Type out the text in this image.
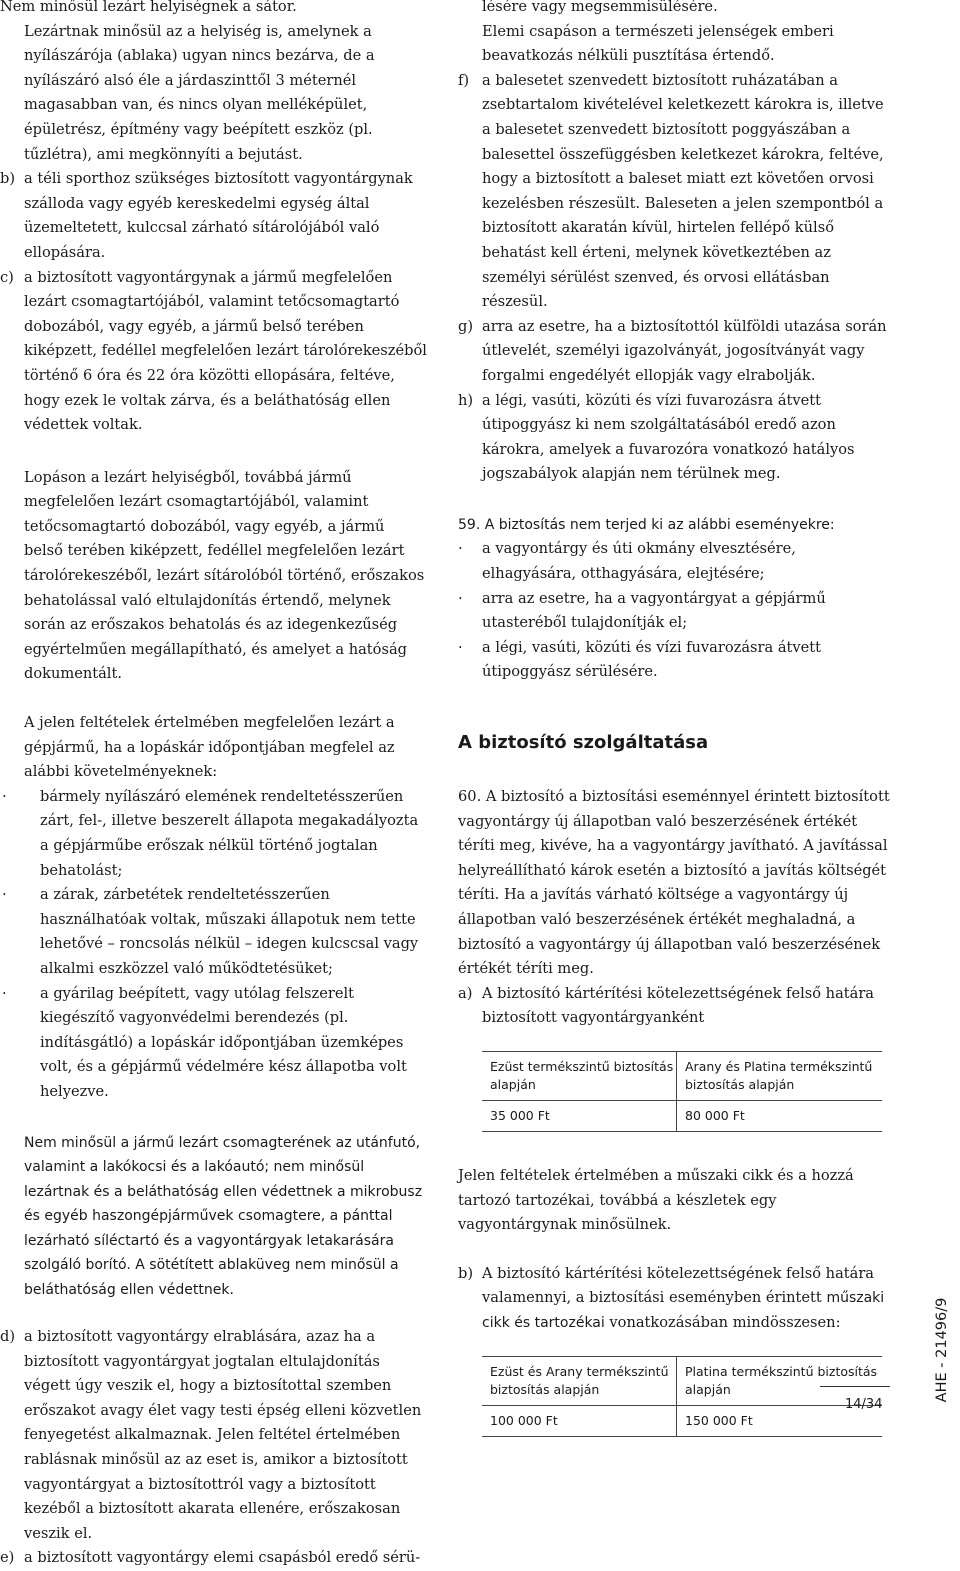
Nem minősül lezárt helyiségnek a sátor.

Lezártnak minősül az a helyiség is, amelynek a nyílászárója (ablaka) ugyan nincs bezárva, de a nyílászáró alsó éle a járdaszinttől 3 méternél magasabban van, és nincs olyan melléképület, épületrész, építmény vagy beépített eszköz (pl. tűzlétra), ami megkönnyíti a bejutást.

b) a téli sporthoz szükséges biztosított vagyontárgynak szálloda vagy egyéb kereskedelmi egység által üzemeltetett, kulccsal zárható sítárolójából való ellopására.
c) a biztosított vagyontárgynak a jármű megfelelően lezárt csomagtartójából, valamint tetőcsomagtartó dobozából, vagy egyéb, a jármű belső terében kiképzett, fedéllel megfelelően lezárt tárolórekeszéből történő 6 óra és 22 óra közötti ellopására, feltéve, hogy ezek le voltak zárva, és a beláthatóság ellen védettek voltak.

Lopáson a lezárt helyiségből, továbbá jármű megfelelően lezárt csomagtartójából, valamint tetőcsomagtartó dobozából, vagy egyéb, a jármű belső terében kiképzett, fedéllel megfelelően lezárt tárolórekeszéből, lezárt sítárolóból történő, erőszakos behatolással való eltulajdonítás értendő, melynek során az erőszakos behatolás és az idegenkezűség egyértelműen megállapítható, és amelyet a hatóság dokumentált.

A jelen feltételek értelmében megfelelően lezárt a gépjármű, ha a lopáskár időpontjában megfelel az alábbi követelményeknek:

· bármely nyílászáró elemének rendeltetésszerűen zárt, fel-, illetve beszerelt állapota megakadályozta a gépjárműbe erőszak nélkül történő jogtalan behatolást;
· a zárak, zárbetétek rendeltetésszerűen használhatóak voltak, műszaki állapotuk nem tette lehetővé – roncsolás nélkül – idegen kulcscsal vagy alkalmi eszközzel való működtetésüket;
· a gyárilag beépített, vagy utólag felszerelt kiegészítő vagyonvédelmi berendezés (pl. indításgátló) a lopáskár időpontjában üzemképes volt, és a gépjármű védelmére kész állapotba volt helyezve.

Nem minősül a jármű lezárt csomagterének az utánfutó, valamint a lakókocsi és a lakóautó; nem minősül lezártnak és a beláthatóság ellen védettnek a mikrobusz és egyéb haszongépjárművek csomagtere, a pánttal lezárható síléctartó és a vagyontárgyak letakarására szolgáló borító. A sötétített ablaküveg nem minősül a beláthatóság ellen védettnek.

d) a biztosított vagyontárgy elrablására, azaz ha a biztosított vagyontárgyat jogtalan eltulajdonítás végett úgy veszik el, hogy a biztosítottal szemben erőszakot avagy élet vagy testi épség elleni közvetlen fenyegetést alkalmaznak. Jelen feltétel értelmében rablásnak minősül az az eset is, amikor a biztosított vagyontárgyat a biztosítottról vagy a biztosított kezéből a biztosított akarata ellenére, erőszakosan veszik el.
e) a biztosított vagyontárgy elemi csapásból eredő sérü-

lésére vagy megsemmisülésére.

Elemi csapáson a természeti jelenségek emberi beavatkozás nélküli pusztítása értendő.

f) a balesetet szenvedett biztosított ruházatában a zsebtartalom kivételével keletkezett károkra is, illetve a balesetet szenvedett biztosított poggyászában a balesettel összefüggésben keletkezet károkra, feltéve, hogy a biztosított a baleset miatt ezt követően orvosi kezelésben részesült. Baleseten a jelen szempontból a biztosított akaratán kívül, hirtelen fellépő külső behatást kell érteni, melynek következtében az személyi sérülést szenved, és orvosi ellátásban részesül.
g) arra az esetre, ha a biztosítottól külföldi utazása során útlevelét, személyi igazolványát, jogosítványát vagy forgalmi engedélyét ellopják vagy elrabolják.
h) a légi, vasúti, közúti és vízi fuvarozásra átvett útipoggyász ki nem szolgáltatásából eredő azon károkra, amelyek a fuvarozóra vonatkozó hatályos jogszabályok alapján nem térülnek meg.

59. A biztosítás nem terjed ki az alábbi eseményekre:

· a vagyontárgy és úti okmány elvesztésére, elhagyására, otthagyására, elejtésére;
· arra az esetre, ha a vagyontárgyat a gépjármű utasteréből tulajdonítják el;
· a légi, vasúti, közúti és vízi fuvarozásra átvett útipoggyász sérülésére.
A biztosító szolgáltatása

60. A biztosító a biztosítási eseménnyel érintett biztosított vagyontárgy új állapotban való beszerzésének értékét téríti meg, kivéve, ha a vagyontárgy javítható. A javítással helyreállítható károk esetén a biztosító a javítás költségét téríti. Ha a javítás várható költsége a vagyontárgy új állapotban való beszerzésének értékét meghaladná, a biztosító a vagyontárgy új állapotban való beszerzésének értékét téríti meg.

a) A biztosító kártérítési kötelezettségének felső határa biztosított vagyontárgyanként
Ezüst termékszintű biztosítás alapján	Arany és Platina termékszintű biztosítás alapján
35 000 Ft	80 000 Ft

Jelen feltételek értelmében a műszaki cikk és a hozzá tartozó tartozékai, továbbá a készletek egy vagyontárgynak minősülnek.

b) A biztosító kártérítési kötelezettségének felső határa valamennyi, a biztosítási eseményben érintett műszaki cikk és tartozékai vonatkozásában mindösszesen:
Ezüst és Arany termékszintű biztosítás alapján	Platina termékszintű biztosítás alapján
100 000 Ft	150 000 Ft
AHE - 21496/9
14/34
